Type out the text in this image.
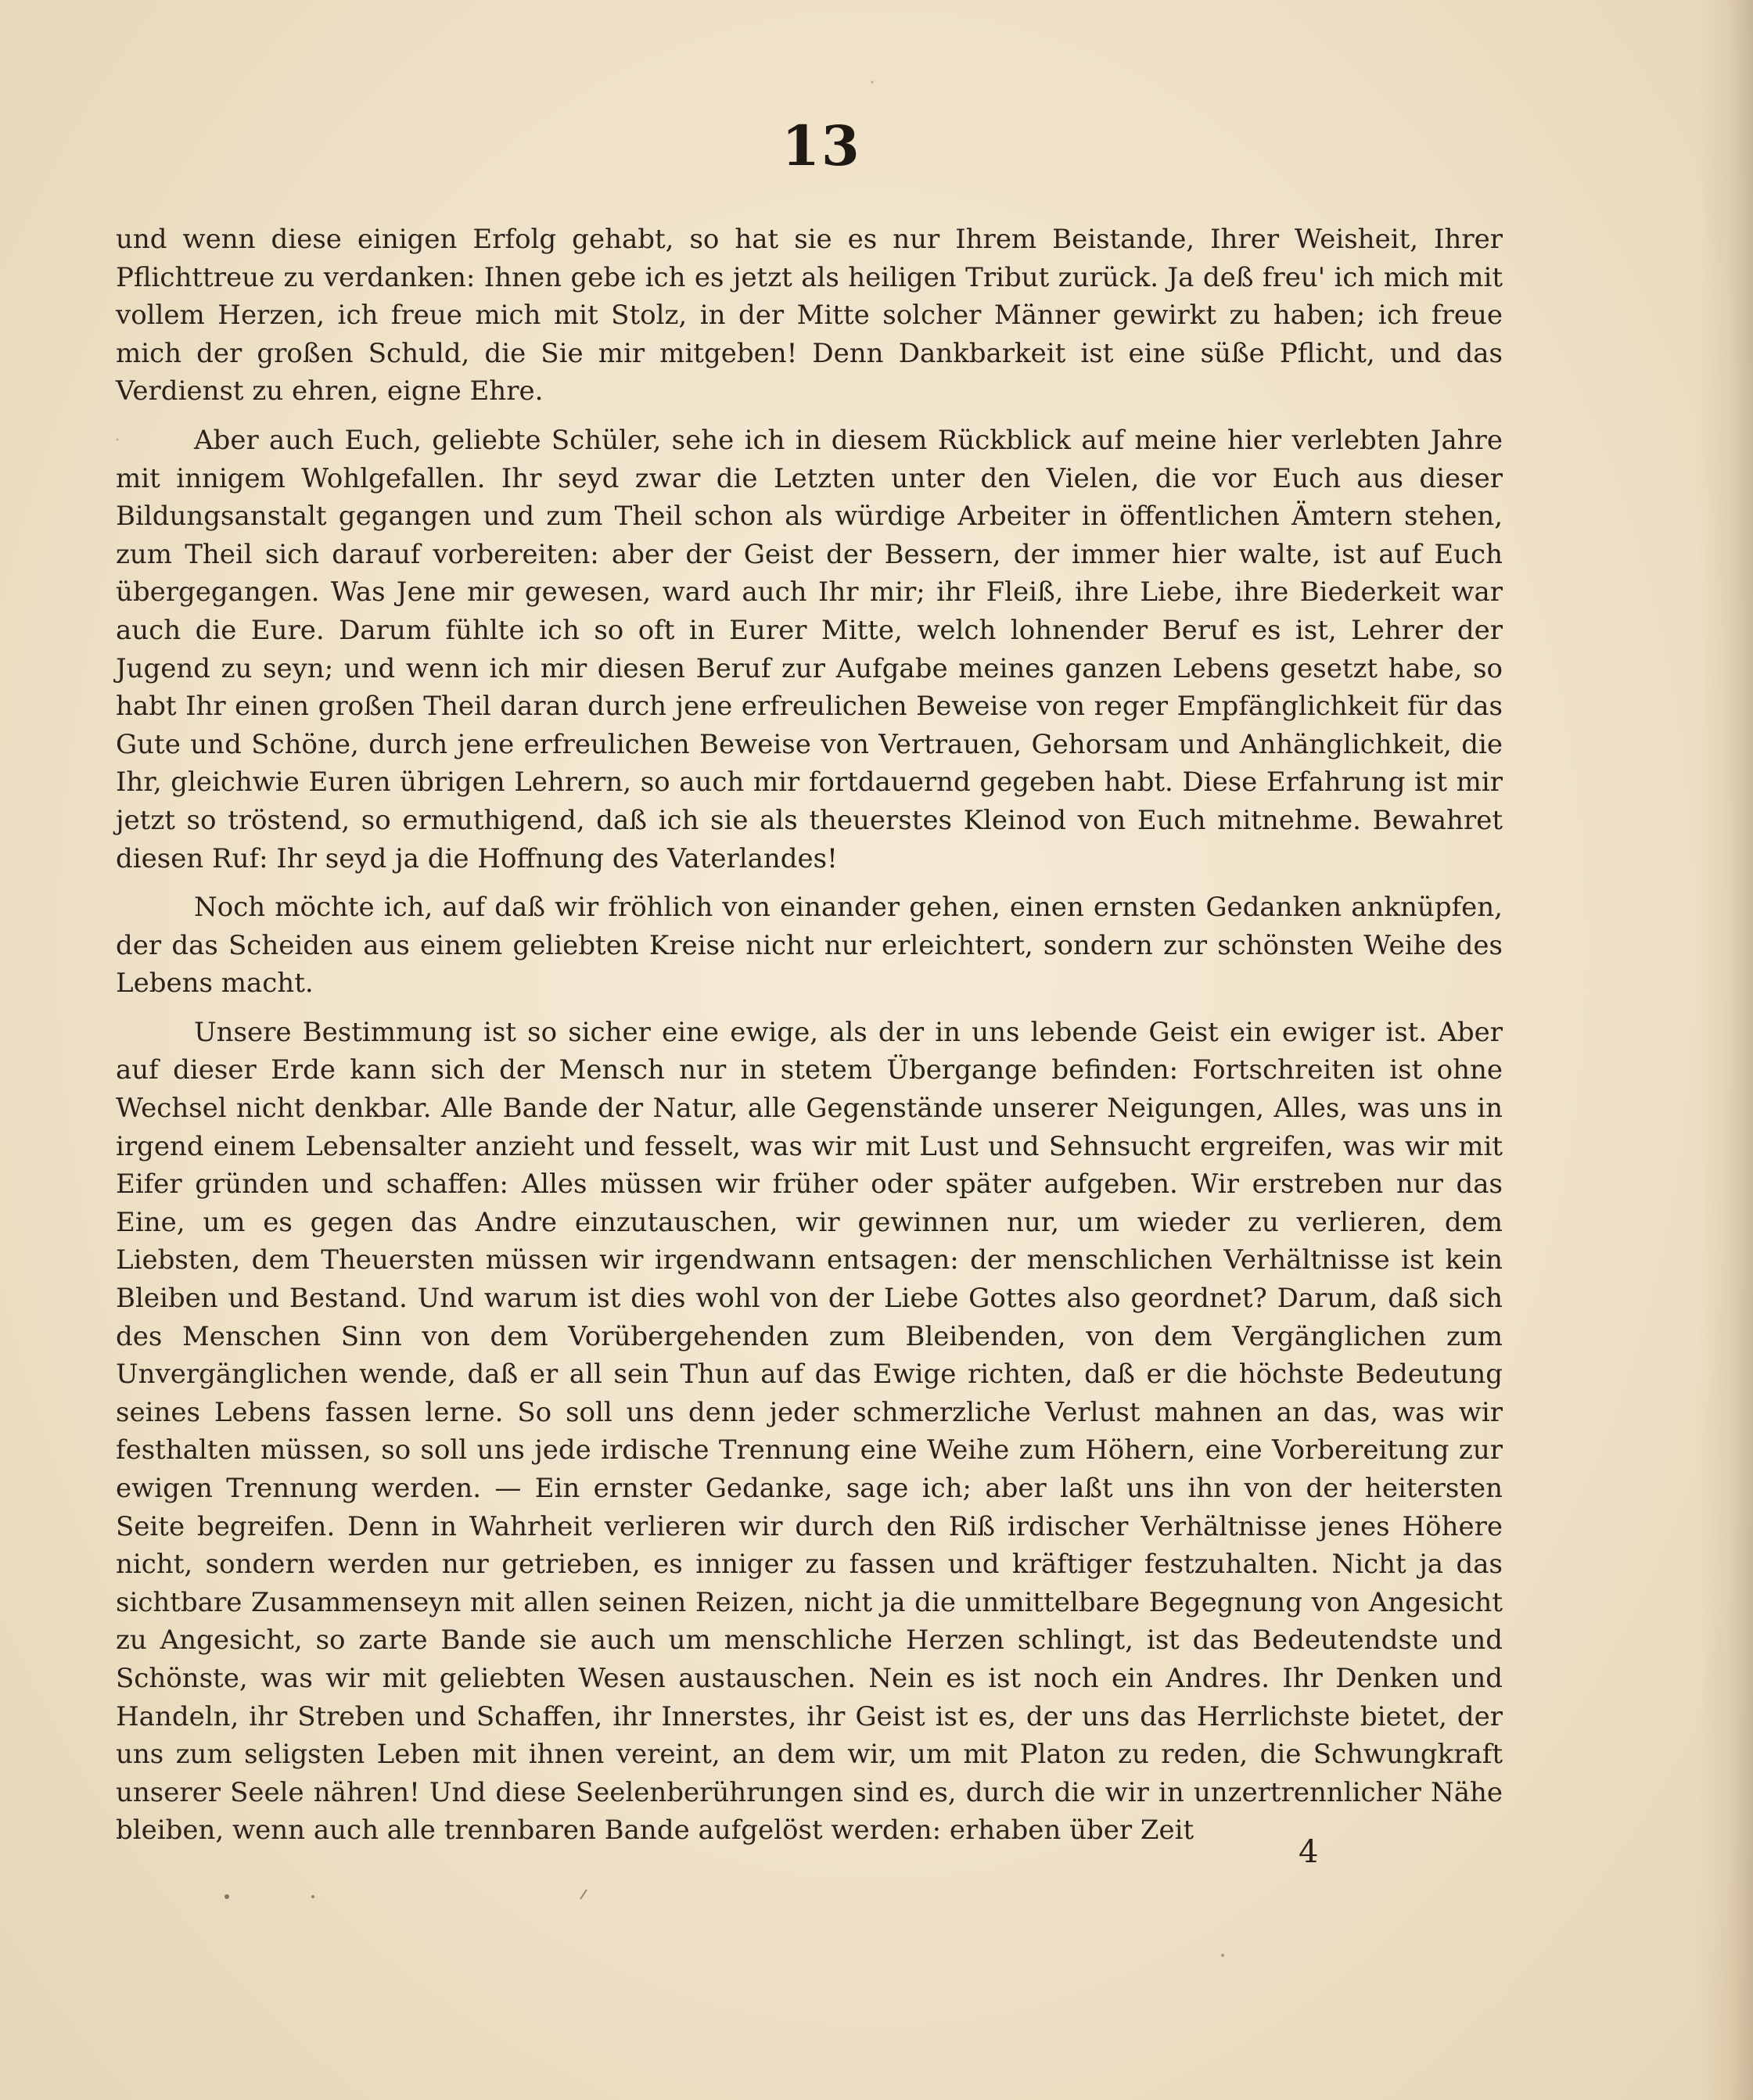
13

und wenn diese einigen Erfolg gehabt, so hat sie es nur Ihrem Beistande, Ihrer Weisheit, Ihrer Pflichttreue zu verdanken: Ihnen gebe ich es jetzt als heiligen Tribut zurück. Ja deß freu' ich mich mit vollem Herzen, ich freue mich mit Stolz, in der Mitte solcher Männer gewirkt zu haben; ich freue mich der großen Schuld, die Sie mir mitgeben! Denn Dankbarkeit ist eine süße Pflicht, und das Verdienst zu ehren, eigne Ehre.

Aber auch Euch, geliebte Schüler, sehe ich in diesem Rückblick auf meine hier verlebten Jahre mit innigem Wohlgefallen. Ihr seyd zwar die Letzten unter den Vielen, die vor Euch aus dieser Bildungsanstalt gegangen und zum Theil schon als würdige Arbeiter in öffentlichen Ämtern stehen, zum Theil sich darauf vorbereiten: aber der Geist der Bessern, der immer hier walte, ist auf Euch übergegangen. Was Jene mir gewesen, ward auch Ihr mir; ihr Fleiß, ihre Liebe, ihre Biederkeit war auch die Eure. Darum fühlte ich so oft in Eurer Mitte, welch lohnender Beruf es ist, Lehrer der Jugend zu seyn; und wenn ich mir diesen Beruf zur Aufgabe meines ganzen Lebens gesetzt habe, so habt Ihr einen großen Theil daran durch jene erfreulichen Beweise von reger Empfänglichkeit für das Gute und Schöne, durch jene erfreulichen Beweise von Vertrauen, Gehorsam und Anhänglichkeit, die Ihr, gleichwie Euren übrigen Lehrern, so auch mir fortdauernd gegeben habt. Diese Erfahrung ist mir jetzt so tröstend, so ermuthigend, daß ich sie als theuerstes Kleinod von Euch mitnehme. Bewahret diesen Ruf: Ihr seyd ja die Hoffnung des Vaterlandes!

Noch möchte ich, auf daß wir fröhlich von einander gehen, einen ernsten Gedanken anknüpfen, der das Scheiden aus einem geliebten Kreise nicht nur erleichtert, sondern zur schönsten Weihe des Lebens macht.

Unsere Bestimmung ist so sicher eine ewige, als der in uns lebende Geist ein ewiger ist. Aber auf dieser Erde kann sich der Mensch nur in stetem Übergange befinden: Fortschreiten ist ohne Wechsel nicht denkbar. Alle Bande der Natur, alle Gegenstände unserer Neigungen, Alles, was uns in irgend einem Lebensalter anzieht und fesselt, was wir mit Lust und Sehnsucht ergreifen, was wir mit Eifer gründen und schaffen: Alles müssen wir früher oder später aufgeben. Wir erstreben nur das Eine, um es gegen das Andre einzutauschen, wir gewinnen nur, um wieder zu verlieren, dem Liebsten, dem Theuersten müssen wir irgendwann entsagen: der menschlichen Verhältnisse ist kein Bleiben und Bestand. Und warum ist dies wohl von der Liebe Gottes also geordnet? Darum, daß sich des Menschen Sinn von dem Vorübergehenden zum Bleibenden, von dem Vergänglichen zum Unvergänglichen wende, daß er all sein Thun auf das Ewige richten, daß er die höchste Bedeutung seines Lebens fassen lerne. So soll uns denn jeder schmerzliche Verlust mahnen an das, was wir festhalten müssen, so soll uns jede irdische Trennung eine Weihe zum Höhern, eine Vorbereitung zur ewigen Trennung werden. — Ein ernster Gedanke, sage ich; aber laßt uns ihn von der heitersten Seite begreifen. Denn in Wahrheit verlieren wir durch den Riß irdischer Verhältnisse jenes Höhere nicht, sondern werden nur getrieben, es inniger zu fassen und kräftiger festzuhalten. Nicht ja das sichtbare Zusammenseyn mit allen seinen Reizen, nicht ja die unmittelbare Begegnung von Angesicht zu Angesicht, so zarte Bande sie auch um menschliche Herzen schlingt, ist das Bedeutendste und Schönste, was wir mit geliebten Wesen austauschen. Nein es ist noch ein Andres. Ihr Denken und Handeln, ihr Streben und Schaffen, ihr Innerstes, ihr Geist ist es, der uns das Herrlichste bietet, der uns zum seligsten Leben mit ihnen vereint, an dem wir, um mit Platon zu reden, die Schwungkraft unserer Seele nähren! Und diese Seelenberührungen sind es, durch die wir in unzertrennlicher Nähe bleiben, wenn auch alle trennbaren Bande aufgelöst werden: erhaben über Zeit

4
